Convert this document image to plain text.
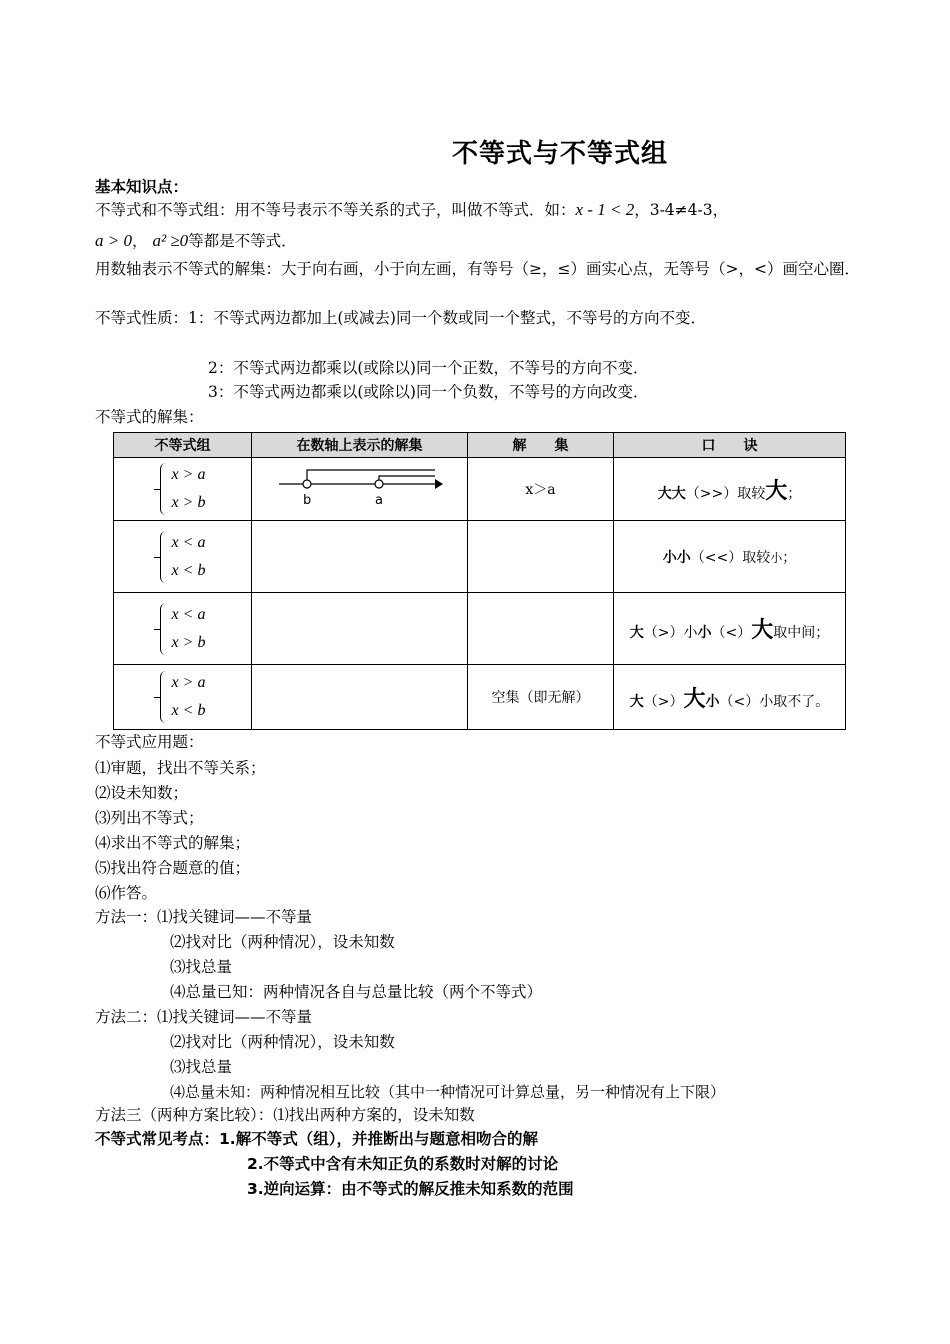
不等式与不等式组
基本知识点：
不等式和不等式组：用不等号表示不等关系的式子，叫做不等式．如：x - 1 < 2，3-4≠4-3，
a > 0， a² ≥0等都是不等式．
用数轴表示不等式的解集：大于向右画，小于向左画，有等号（≥，≤）画实心点，无等号（>，<）画空心圈．
不等式性质：1：不等式两边都加上(或减去)同一个数或同一个整式，不等号的方向不变．
2：不等式两边都乘以(或除以)同一个正数，不等号的方向不变．
3：不等式两边都乘以(或除以)同一个负数，不等号的方向改变．
不等式的解集：
不等式组	在数轴上表示的解集	解　　集	口　　诀

x > a
x > b	b a	x＞a	大大（>>）取较大；

x < a
x < b			小小（<<）取较小；

x < a
x > b			大（>）小小（<）大取中间；

x > a
x < b		空集（即无解）	大（>）大小（<）小取不了。
不等式应用题：
⑴审题，找出不等关系；
⑵设未知数；
⑶列出不等式；
⑷求出不等式的解集；
⑸找出符合题意的值；
⑹作答。
方法一：⑴找关键词——不等量
⑵找对比（两种情况），设未知数
⑶找总量
⑷总量已知：两种情况各自与总量比较（两个不等式）
方法二：⑴找关键词——不等量
⑵找对比（两种情况），设未知数
⑶找总量
⑷总量未知：两种情况相互比较（其中一种情况可计算总量，另一种情况有上下限）
方法三（两种方案比较）：⑴找出两种方案的，设未知数
不等式常见考点：1.解不等式（组），并推断出与题意相吻合的解
2.不等式中含有未知正负的系数时对解的讨论
3.逆向运算：由不等式的解反推未知系数的范围
